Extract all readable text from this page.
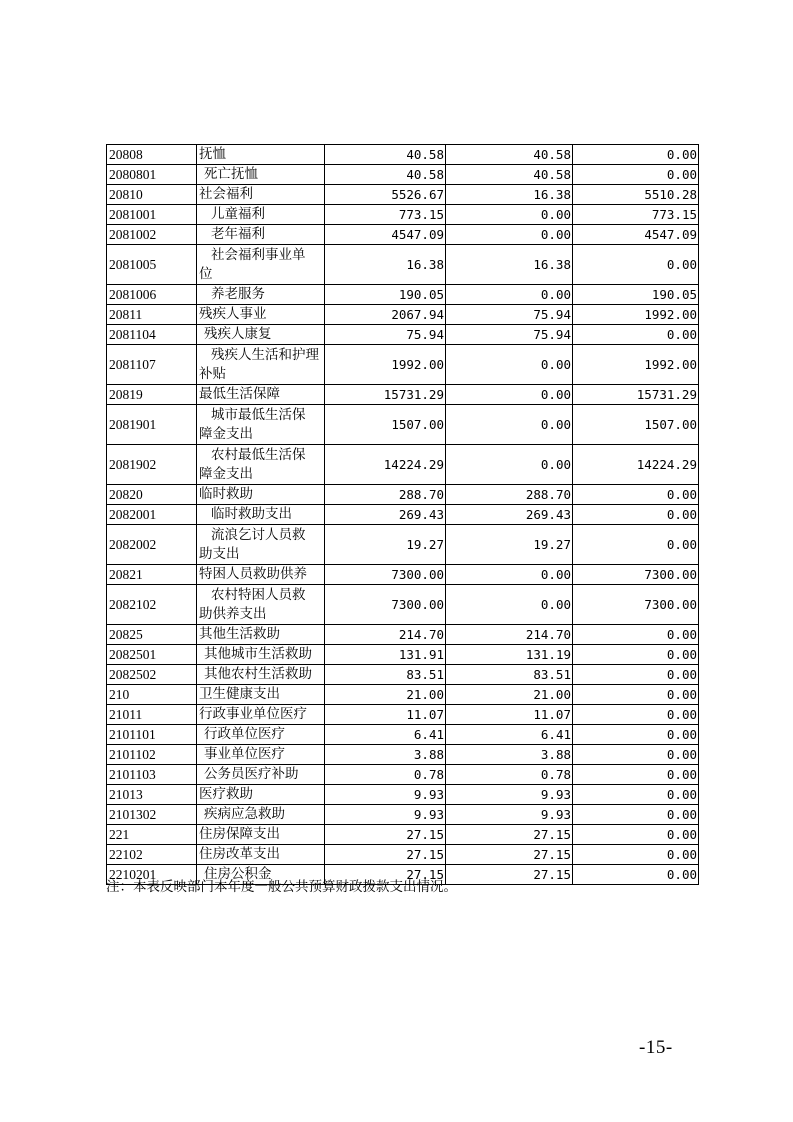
20808	抚恤	40.58	40.58	0.00
2080801	死亡抚恤	40.58	40.58	0.00
20810	社会福利	5526.67	16.38	5510.28
2081001	儿童福利	773.15	0.00	773.15
2081002	老年福利	4547.09	0.00	4547.09
2081005	社会福利事业单
位	16.38	16.38	0.00
2081006	养老服务	190.05	0.00	190.05
20811	残疾人事业	2067.94	75.94	1992.00
2081104	残疾人康复	75.94	75.94	0.00
2081107	残疾人生活和护理
补贴	1992.00	0.00	1992.00
20819	最低生活保障	15731.29	0.00	15731.29
2081901	城市最低生活保
障金支出	1507.00	0.00	1507.00
2081902	农村最低生活保
障金支出	14224.29	0.00	14224.29
20820	临时救助	288.70	288.70	0.00
2082001	临时救助支出	269.43	269.43	0.00
2082002	流浪乞讨人员救
助支出	19.27	19.27	0.00
20821	特困人员救助供养	7300.00	0.00	7300.00
2082102	农村特困人员救
助供养支出	7300.00	0.00	7300.00
20825	其他生活救助	214.70	214.70	0.00
2082501	其他城市生活救助	131.91	131.19	0.00
2082502	其他农村生活救助	83.51	83.51	0.00
210	卫生健康支出	21.00	21.00	0.00
21011	行政事业单位医疗	11.07	11.07	0.00
2101101	行政单位医疗	6.41	6.41	0.00
2101102	事业单位医疗	3.88	3.88	0.00
2101103	公务员医疗补助	0.78	0.78	0.00
21013	医疗救助	9.93	9.93	0.00
2101302	疾病应急救助	9.93	9.93	0.00
221	住房保障支出	27.15	27.15	0.00
22102	住房改革支出	27.15	27.15	0.00
2210201	住房公积金	27.15	27.15	0.00
注：本表反映部门本年度一般公共预算财政拨款支出情况。
-15-
